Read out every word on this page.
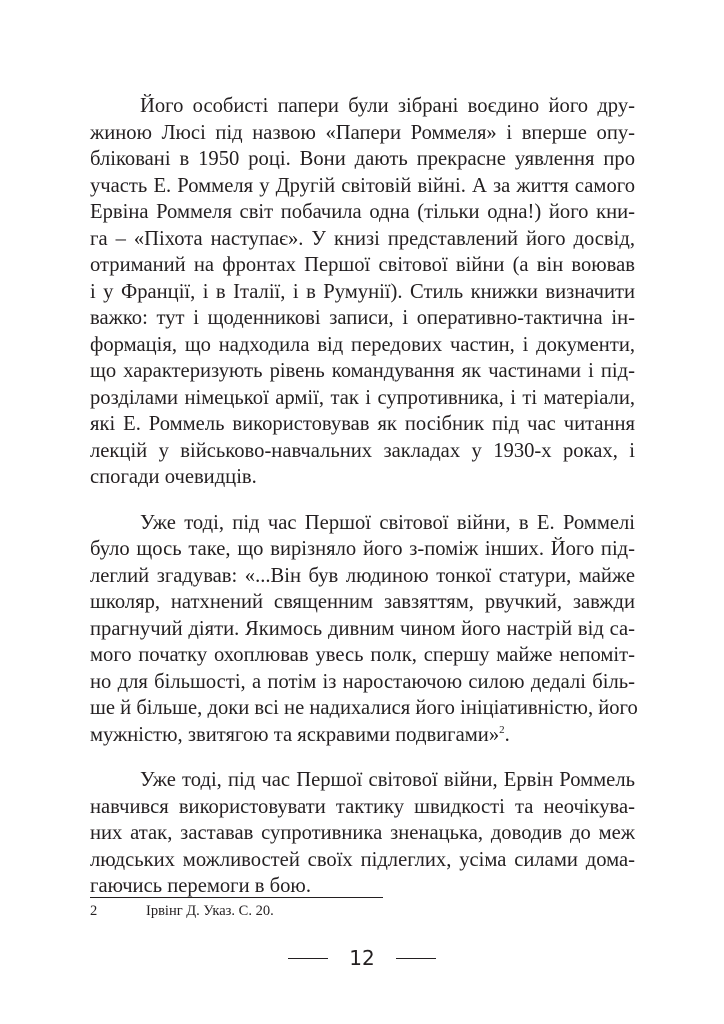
Його особисті папери були зібрані воєдино його дру-
жиною Люсі під назвою «Папери Роммеля» і вперше опу-
бліковані в 1950 році. Вони дають прекрасне уявлення про
участь Е. Роммеля у Другій світовій війні. А за життя самого
Ервіна Роммеля світ побачила одна (тільки одна!) його кни-
га – «Піхота наступає». У книзі представлений його досвід,
отриманий на фронтах Першої світової війни (а він воював
і у Франції, і в Італії, і в Румунії). Стиль книжки визначити
важко: тут і щоденникові записи, і оперативно-тактична ін-
формація, що надходила від передових частин, і документи,
що характеризують рівень командування як частинами і під-
розділами німецької армії, так і супротивника, і ті матеріали,
які Е. Роммель використовував як посібник під час читання
лекцій у військово-навчальних закладах у 1930-х роках, і
спогади очевидців.
Уже тоді, під час Першої світової війни, в Е. Роммелі
було щось таке, що вирізняло його з-поміж інших. Його під-
леглий згадував: «...Він був людиною тонкої статури, майже
школяр, натхнений священним завзяттям, рвучкий, завжди
прагнучий діяти. Якимось дивним чином його настрій від са-
мого початку охоплював увесь полк, спершу майже непоміт-
но для більшості, а потім із наростаючою силою дедалі біль-
ше й більше, доки всі не надихалися його ініціативністю, його
мужністю, звитягою та яскравими подвигами»$^2$.
Уже тоді, під час Першої світової війни, Ервін Роммель
навчився використовувати тактику швидкості та неочікува-
них атак, заставав супротивника зненацька, доводив до меж
людських можливостей своїх підлеглих, усіма силами дома-
гаючись перемоги в бою.
2	Ірвінг Д. Указ. С. 20.
12
